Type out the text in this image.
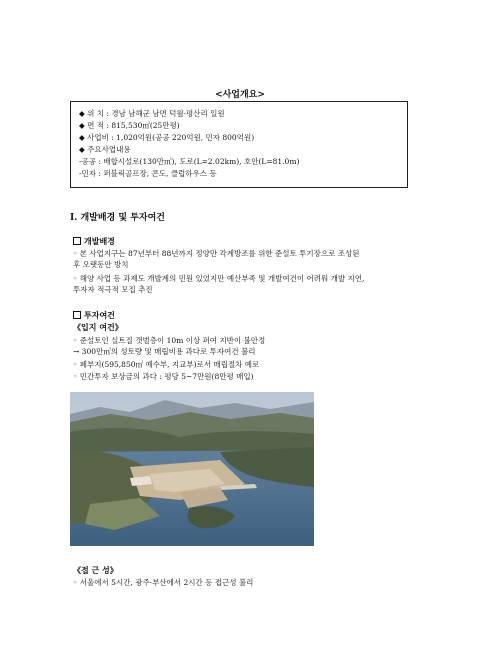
<사업개요>
◆ 위 치 : 경남 남해군 남면 덕월·평산리 일원
◆ 면 적 : 815,530㎡(25만평)
◆ 사업비 : 1,020억원(공공 220억원, 민자 800억원)
◆ 주요사업내용
-공공 : 배합시설로(130만㎥), 도로(L=2.02km), 호안(L=81.0m)
-민자 : 퍼블릭골프장, 콘도, 클럽하우스 등
Ⅰ. 개발배경 및 투자여건
개발배경
◦ 본 사업지구는 87년부터 88년까지 정양만 각계방조를 위한 준설토 투기장으로 조성된
후 오랫동안 방치
◦ 해양 사업 등 과제도 개발계의 민원 있었지만 예산부족 및 개발여건이 어려워 개발 지연,
투자자 적극적 모집 추진
투자여건
《입지 여건》
◦ 준설토인 실트질 갯벌층이 10m 이상 퍼여 지반이 불안정
→ 300만㎥의 성토량 및 매립비용 과다로 투자여건 불리
◦ 폐부지(595,850㎡ 예수부, 지교부)로서 매립절차 예로
◦ 민간투자 보상금의 과다 : 평당 5~7만원(8만평 매입)
《접 근 성》
◦ 서울에서 5시간, 광주·부산에서 2시간 등 접근성 불리
